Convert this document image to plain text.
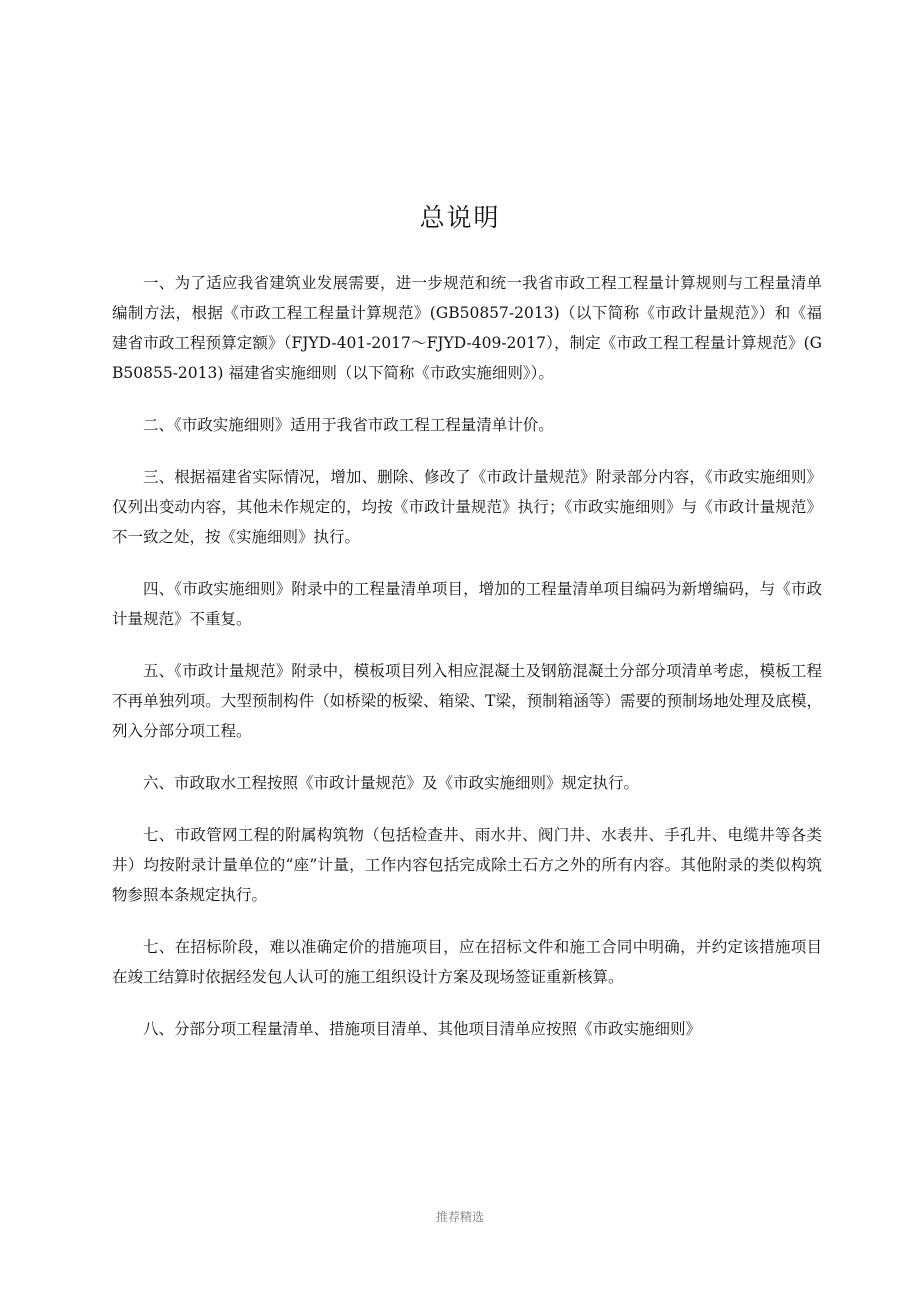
总说明

一、为了适应我省建筑业发展需要，进一步规范和统一我省市政工程工程量计算规则与工程量清单编制方法，根据《市政工程工程量计算规范》(GB50857-2013)（以下简称《市政计量规范》）和《福建省市政工程预算定额》（FJYD-401-2017～FJYD-409-2017），制定《市政工程工程量计算规范》(GB50855-2013) 福建省实施细则（以下简称《市政实施细则》）。

二、《市政实施细则》适用于我省市政工程工程量清单计价。

三、根据福建省实际情况，增加、删除、修改了《市政计量规范》附录部分内容，《市政实施细则》仅列出变动内容，其他未作规定的，均按《市政计量规范》执行；《市政实施细则》与《市政计量规范》不一致之处，按《实施细则》执行。

四、《市政实施细则》附录中的工程量清单项目，增加的工程量清单项目编码为新增编码，与《市政计量规范》不重复。

五、《市政计量规范》附录中，模板项目列入相应混凝土及钢筋混凝土分部分项清单考虑，模板工程不再单独列项。大型预制构件（如桥梁的板梁、箱梁、T梁，预制箱涵等）需要的预制场地处理及底模，列入分部分项工程。

六、市政取水工程按照《市政计量规范》及《市政实施细则》规定执行。

七、市政管网工程的附属构筑物（包括检查井、雨水井、阀门井、水表井、手孔井、电缆井等各类井）均按附录计量单位的“座”计量，工作内容包括完成除土石方之外的所有内容。其他附录的类似构筑物参照本条规定执行。

七、在招标阶段，难以准确定价的措施项目，应在招标文件和施工合同中明确，并约定该措施项目在竣工结算时依据经发包人认可的施工组织设计方案及现场签证重新核算。

八、分部分项工程量清单、措施项目清单、其他项目清单应按照《市政实施细则》

推荐精选
